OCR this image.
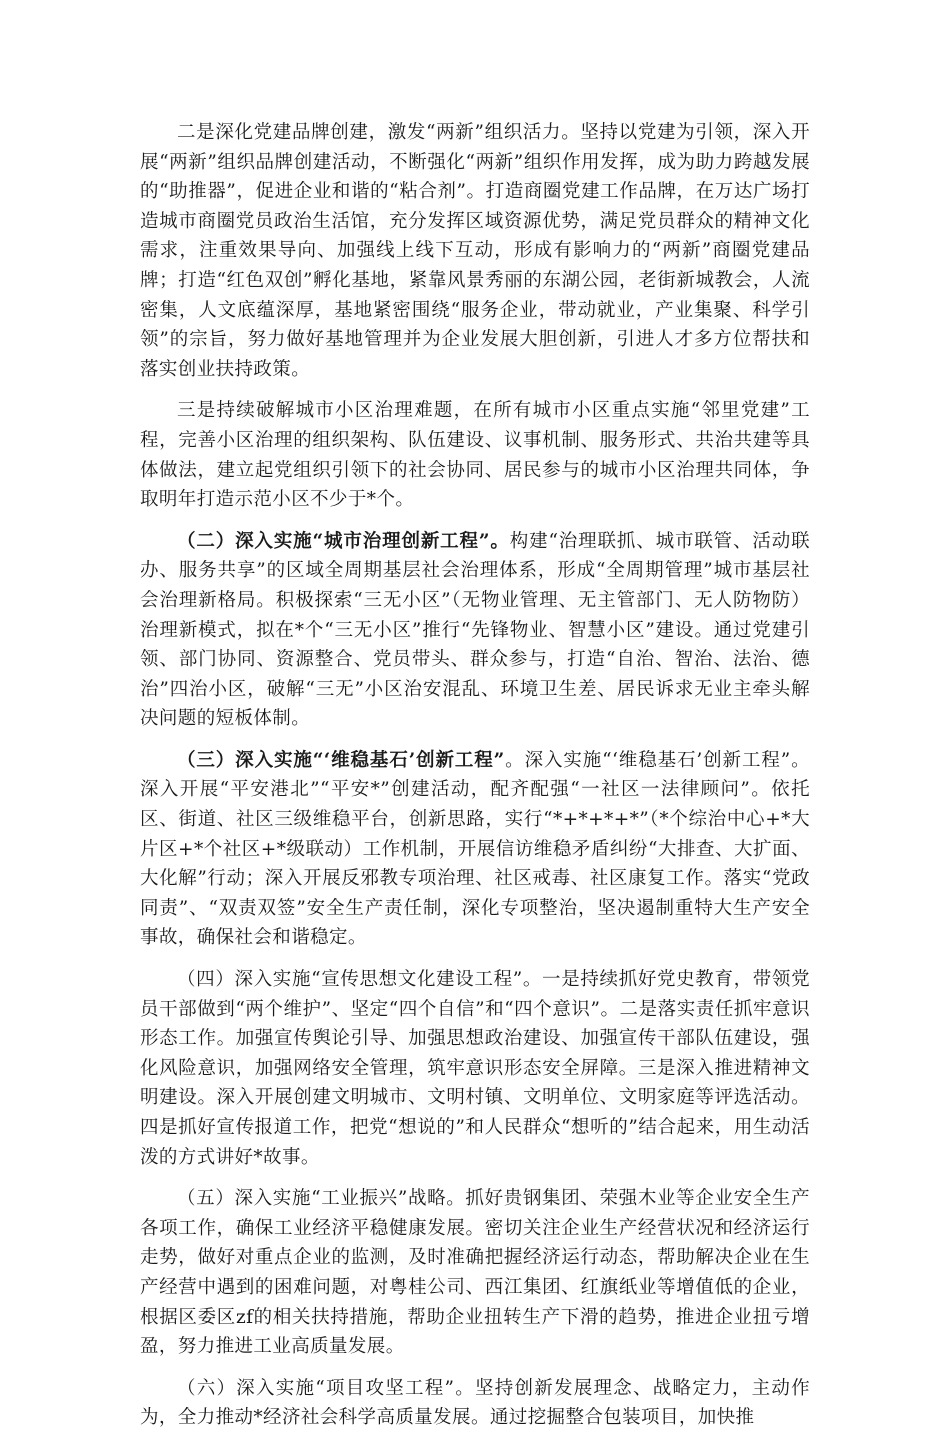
二是深化党建品牌创建，激发“两新”组织活力。坚持以党建为引领，深入开展“两新”组织品牌创建活动，不断强化“两新”组织作用发挥，成为助力跨越发展的“助推器”，促进企业和谐的“粘合剂”。打造商圈党建工作品牌，在万达广场打造城市商圈党员政治生活馆，充分发挥区域资源优势，满足党员群众的精神文化需求，注重效果导向、加强线上线下互动，形成有影响力的“两新”商圈党建品牌；打造“红色双创”孵化基地，紧靠风景秀丽的东湖公园，老街新城教会，人流密集，人文底蕴深厚，基地紧密围绕“服务企业，带动就业，产业集聚、科学引领”的宗旨，努力做好基地管理并为企业发展大胆创新，引进人才多方位帮扶和落实创业扶持政策。

三是持续破解城市小区治理难题，在所有城市小区重点实施“邻里党建”工程，完善小区治理的组织架构、队伍建设、议事机制、服务形式、共治共建等具体做法，建立起党组织引领下的社会协同、居民参与的城市小区治理共同体，争取明年打造示范小区不少于*个。

（二）深入实施“城市治理创新工程”。构建“治理联抓、城市联管、活动联办、服务共享”的区域全周期基层社会治理体系，形成“全周期管理”城市基层社会治理新格局。积极探索“三无小区”（无物业管理、无主管部门、无人防物防）治理新模式，拟在*个“三无小区”推行“先锋物业、智慧小区”建设。通过党建引领、部门协同、资源整合、党员带头、群众参与，打造“自治、智治、法治、德治”四治小区，破解“三无”小区治安混乱、环境卫生差、居民诉求无业主牵头解决问题的短板体制。

（三）深入实施“‘维稳基石’创新工程”。深入实施“‘维稳基石’创新工程”。深入开展“平安港北”“平安*”创建活动，配齐配强“一社区一法律顾问”。依托区、街道、社区三级维稳平台，创新思路，实行“*+*+*+*”（*个综治中心+*大片区+*个社区+*级联动）工作机制，开展信访维稳矛盾纠纷“大排查、大扩面、大化解”行动；深入开展反邪教专项治理、社区戒毒、社区康复工作。落实“党政同责”、“双责双签”安全生产责任制，深化专项整治，坚决遏制重特大生产安全事故，确保社会和谐稳定。

（四）深入实施“宣传思想文化建设工程”。一是持续抓好党史教育，带领党员干部做到“两个维护”、坚定“四个自信”和“四个意识”。二是落实责任抓牢意识形态工作。加强宣传舆论引导、加强思想政治建设、加强宣传干部队伍建设，强化风险意识，加强网络安全管理，筑牢意识形态安全屏障。三是深入推进精神文明建设。深入开展创建文明城市、文明村镇、文明单位、文明家庭等评选活动。四是抓好宣传报道工作，把党“想说的”和人民群众“想听的”结合起来，用生动活泼的方式讲好*故事。

（五）深入实施“工业振兴”战略。抓好贵钢集团、荣强木业等企业安全生产各项工作，确保工业经济平稳健康发展。密切关注企业生产经营状况和经济运行走势，做好对重点企业的监测，及时准确把握经济运行动态，帮助解决企业在生产经营中遇到的困难问题，对粤桂公司、西江集团、红旗纸业等增值低的企业，根据区委区zf的相关扶持措施，帮助企业扭转生产下滑的趋势，推进企业扭亏增盈，努力推进工业高质量发展。

（六）深入实施“项目攻坚工程”。坚持创新发展理念、战略定力，主动作为，全力推动*经济社会科学高质量发展。通过挖掘整合包装项目，加快推
